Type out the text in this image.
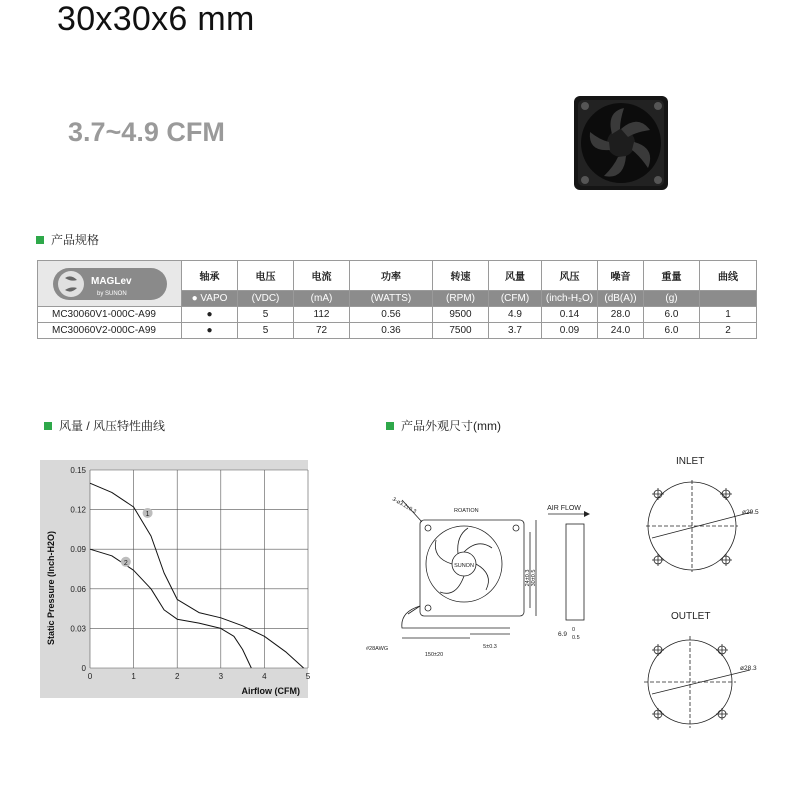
30x30x6 mm
3.7~4.9 CFM
产品规格
MAGLev
by SUNON	轴承	电压	电流	功率	转速	风量	风压	噪音	重量	曲线
	● VAPO	(VDC)	(mA)	(WATTS)	(RPM)	(CFM)	(inch-H₂O)	(dB(A))	(g)	
MC30060V1-000C-A99	●	5	112	0.56	9500	4.9	0.14	28.0	6.0	1
MC30060V2-000C-A99	●	5	72	0.36	7500	3.7	0.09	24.0	6.0	2
风量 / 风压特性曲线	产品外观尺寸(mm)
0	1	2	3	4	5
0.03
0.06
0.09
0.12
0.15
0
1
2
Static Pressure (Inch-H2O)
Airflow (CFM)
3-ø3.2±0.3	ROATION
SUNON
24±0.3 30±0.5
#28AWG
150±20
5±0.3
AIR FLOW
6.9
0
0.5
INLET
ø29.5
OUTLET
ø28.3
